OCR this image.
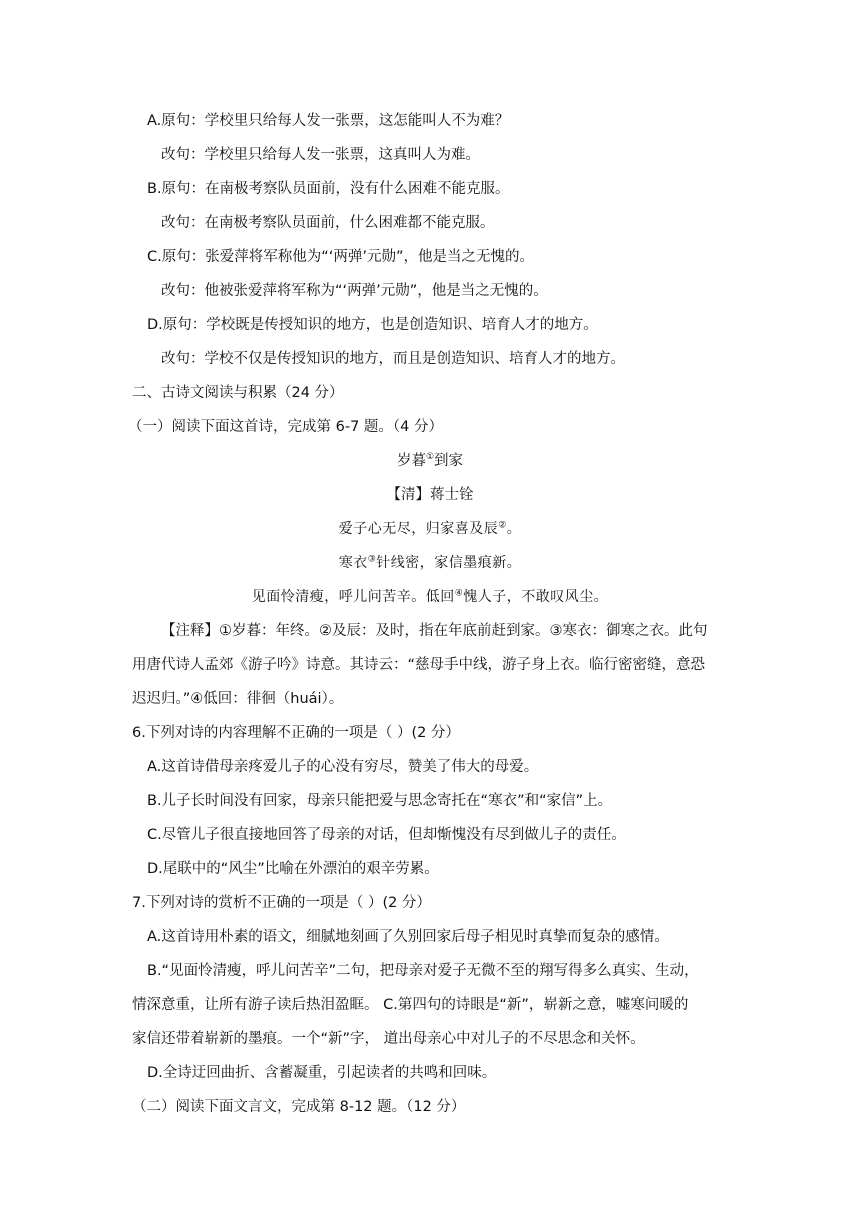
A.原句：学校里只给每人发一张票，这怎能叫人不为难？
改句：学校里只给每人发一张票，这真叫人为难。
B.原句：在南极考察队员面前，没有什么困难不能克服。
改句：在南极考察队员面前，什么困难都不能克服。
C.原句：张爱萍将军称他为“‘两弹’元勋”，他是当之无愧的。
改句：他被张爱萍将军称为“‘两弹’元勋”，他是当之无愧的。
D.原句：学校既是传授知识的地方，也是创造知识、培育人才的地方。
改句：学校不仅是传授知识的地方，而且是创造知识、培育人才的地方。
二、古诗文阅读与积累（24 分）
（一）阅读下面这首诗，完成第 6-7 题。（4 分）
岁暮①到家
【清】蒋士铨
爱子心无尽，归家喜及辰②。
寒衣③针线密，家信墨痕新。
见面怜清瘦，呼儿问苦辛。低回④愧人子，不敢叹风尘。
【注释】①岁暮：年终。②及辰：及时，指在年底前赶到家。③寒衣：御寒之衣。此句
用唐代诗人孟郊《游子吟》诗意。其诗云：“慈母手中线，游子身上衣。临行密密缝，意恐
迟迟归。”④低回：徘徊（huái）。
6.下列对诗的内容理解不正确的一项是（ ）(2 分）
A.这首诗借母亲疼爱儿子的心没有穷尽，赞美了伟大的母爱。
B.儿子长时间没有回家，母亲只能把爱与思念寄托在“寒衣”和“家信”上。
C.尽管儿子很直接地回答了母亲的对话，但却惭愧没有尽到做儿子的责任。
D.尾联中的“风尘”比喻在外漂泊的艰辛劳累。
7.下列对诗的赏析不正确的一项是（ ）(2 分）
A.这首诗用朴素的语文，细腻地刻画了久别回家后母子相见时真挚而复杂的感情。
B.“见面怜清瘦，呼儿问苦辛”二句，把母亲对爱子无微不至的翔写得多么真实、生动，
情深意重，让所有游子读后热泪盈眶。 C.第四句的诗眼是“新”，崭新之意，嘘寒问暖的
家信还带着崭新的墨痕。一个“新”字， 道出母亲心中对儿子的不尽思念和关怀。
D.全诗迂回曲折、含蓄凝重，引起读者的共鸣和回味。
（二）阅读下面文言文，完成第 8-12 题。（12 分）
